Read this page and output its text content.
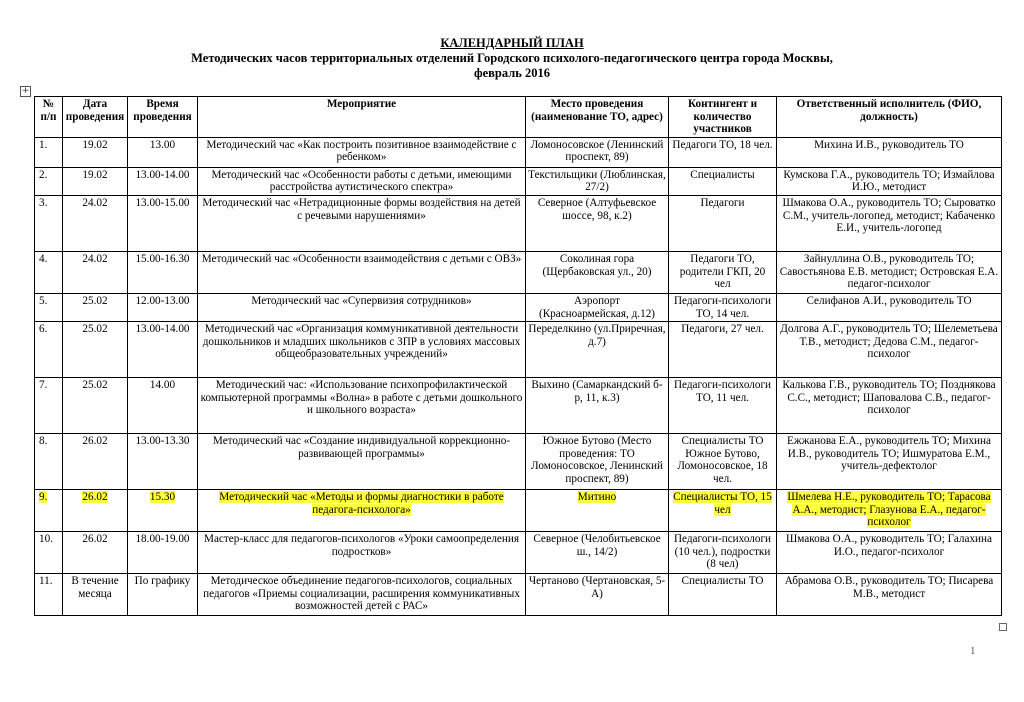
КАЛЕНДАРНЫЙ ПЛАН
Методических часов территориальных отделений Городского психолого-педагогического центра города Москвы,
февраль 2016
+
№ п/п	Дата проведения	Время проведения	Мероприятие	Место проведения (наименование ТО, адрес)	Контингент и количество участников	Ответственный исполнитель (ФИО, должность)
1.	19.02	13.00	Методический час «Как построить позитивное взаимодействие с ребенком»	Ломоносовское (Ленинский проспект, 89)	Педагоги ТО, 18 чел.	Михина И.В., руководитель ТО
2.	19.02	13.00-14.00	Методический час «Особенности работы с детьми, имеющими расстройства аутистического спектра»	Текстильщики (Люблинская, 27/2)	Специалисты	Кумскова Г.А., руководитель ТО; Измайлова И.Ю., методист
3.	24.02	13.00-15.00	Методический час «Нетрадиционные формы воздействия на детей с речевыми нарушениями»	Северное (Алтуфьевское шоссе, 98, к.2)	Педагоги	Шмакова О.А., руководитель ТО; Сыроватко С.М., учитель-логопед, методист; Кабаченко Е.И., учитель-логопед
4.	24.02	15.00-16.30	Методический час «Особенности взаимодействия с детьми с ОВЗ»	Соколиная гора (Щербаковская ул., 20)	Педагоги ТО, родители ГКП, 20 чел	Зайнуллина О.В., руководитель ТО; Савостьянова Е.В. методист; Островская Е.А. педагог-психолог
5.	25.02	12.00-13.00	Методический час «Супервизия сотрудников»	Аэропорт (Красноармейская, д.12)	Педагоги-психологи ТО, 14 чел.	Селифанов А.И., руководитель ТО
6.	25.02	13.00-14.00	Методический час «Организация коммуникативной деятельности дошкольников и младших школьников с ЗПР в условиях массовых общеобразовательных учреждений»	Переделкино (ул.Приречная, д.7)	Педагоги, 27 чел.	Долгова А.Г., руководитель ТО; Шелеметьева Т.В., методист; Дедова С.М., педагог-психолог
7.	25.02	14.00	Методический час: «Использование психопрофилактической компьютерной программы «Волна» в работе с детьми дошкольного и школьного возраста»	Выхино (Самаркандский б-р, 11, к.3)	Педагоги-психологи ТО, 11 чел.	Калькова Г.В., руководитель ТО; Позднякова С.С., методист; Шаповалова С.В., педагог-психолог
8.	26.02	13.00-13.30	Методический час «Создание индивидуальной коррекционно-развивающей программы»	Южное Бутово (Место проведения: ТО Ломоносовское, Ленинский проспект, 89)	Специалисты ТО Южное Бутово, Ломоносовское, 18 чел.	Ежжанова Е.А., руководитель ТО; Михина И.В., руководитель ТО; Ишмуратова Е.М., учитель-дефектолог
9.	26.02	15.30	Методический час «Методы и формы диагностики в работе педагога-психолога»	Митино	Специалисты ТО, 15 чел	Шмелева Н.Е., руководитель ТО; Тарасова А.А., методист; Глазунова Е.А., педагог-психолог
10.	26.02	18.00-19.00	Мастер-класс для педагогов-психологов «Уроки самоопределения подростков»	Северное (Челобитьевское ш., 14/2)	Педагоги-психологи (10 чел.), подростки (8 чел)	Шмакова О.А., руководитель ТО; Галахина И.О., педагог-психолог
11.	В течение месяца	По графику	Методическое объединение педагогов-психологов, социальных педагогов «Приемы социализации, расширения коммуникативных возможностей детей с РАС»	Чертаново (Чертановская, 5-А)	Специалисты ТО	Абрамова О.В., руководитель ТО; Писарева М.В., методист
1
